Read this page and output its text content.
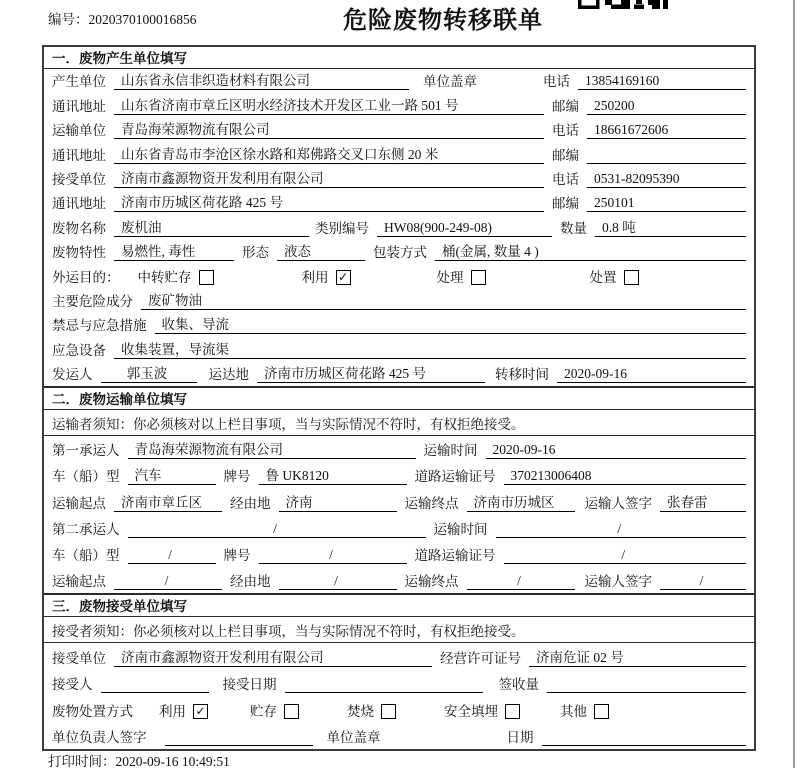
编号：2020370100016856	危险废物转移联单
一．废物产生单位填写
产生单位	山东省永信非织造材料有限公司	单位盖章	电话	13854169160
通讯地址	山东省济南市章丘区明水经济技术开发区工业一路 501 号	邮编	250200
运输单位	青岛海荣源物流有限公司	电话	18661672606
通讯地址	山东省青岛市李沧区徐水路和郑佛路交叉口东侧 20 米	邮编
接受单位	济南市鑫源物资开发利用有限公司	电话	0531-82095390
通讯地址	济南市历城区荷花路 425 号	邮编	250101
废物名称	废机油	类别编号	HW08(900-249-08)	数量	0.8 吨
废物特性	易燃性, 毒性	形态	液态	包装方式	桶(金属, 数量 4 )
外运目的： 中转贮存	利用 ✓	处理	处置
主要危险成分	废矿物油
禁忌与应急措施	收集、导流
应急设备	收集装置，导流渠
发运人	郭玉波	运达地	济南市历城区荷花路 425 号	转移时间	2020-09-16
二．废物运输单位填写
运输者须知：你必须核对以上栏目事项，当与实际情况不符时，有权拒绝接受。
第一承运人	青岛海荣源物流有限公司	运输时间	2020-09-16
车（船）型	汽车	牌号	鲁 UK8120	道路运输证号	370213006408
运输起点	济南市章丘区	经由地	济南	运输终点	济南市历城区	运输人签字	张春雷
第二承运人	/	运输时间	/
车（船）型	/	牌号	/	道路运输证号	/
运输起点	/	经由地	/	运输终点	/	运输人签字	/
三．废物接受单位填写
接受者须知：你必须核对以上栏目事项，当与实际情况不符时，有权拒绝接受。
接受单位	济南市鑫源物资开发利用有限公司	经营许可证号	济南危证 02 号
接受人	接受日期	签收量
废物处置方式 利用 ✓	贮存	焚烧	安全填埋	其他
单位负责人签字	单位盖章	日期
打印时间：2020-09-16 10:49:51
